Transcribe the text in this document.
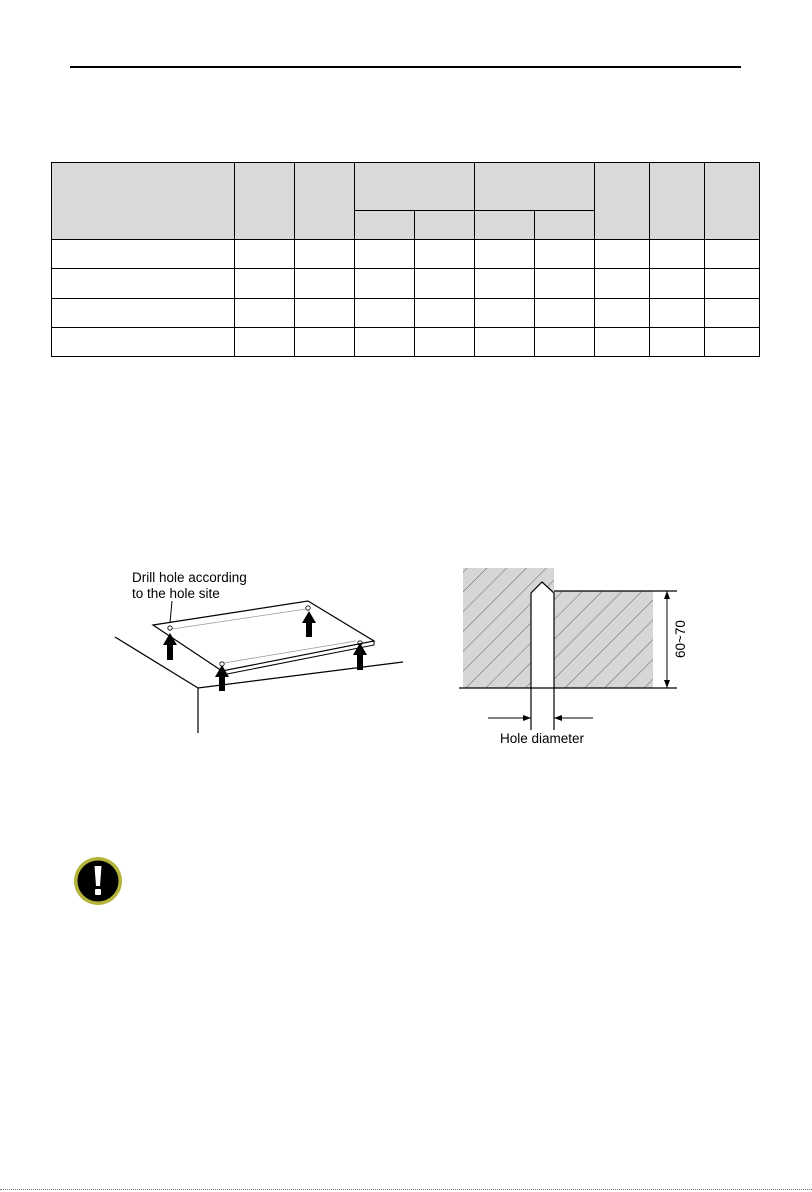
Drill hole according
to the hole site
60~70
Hole diameter
